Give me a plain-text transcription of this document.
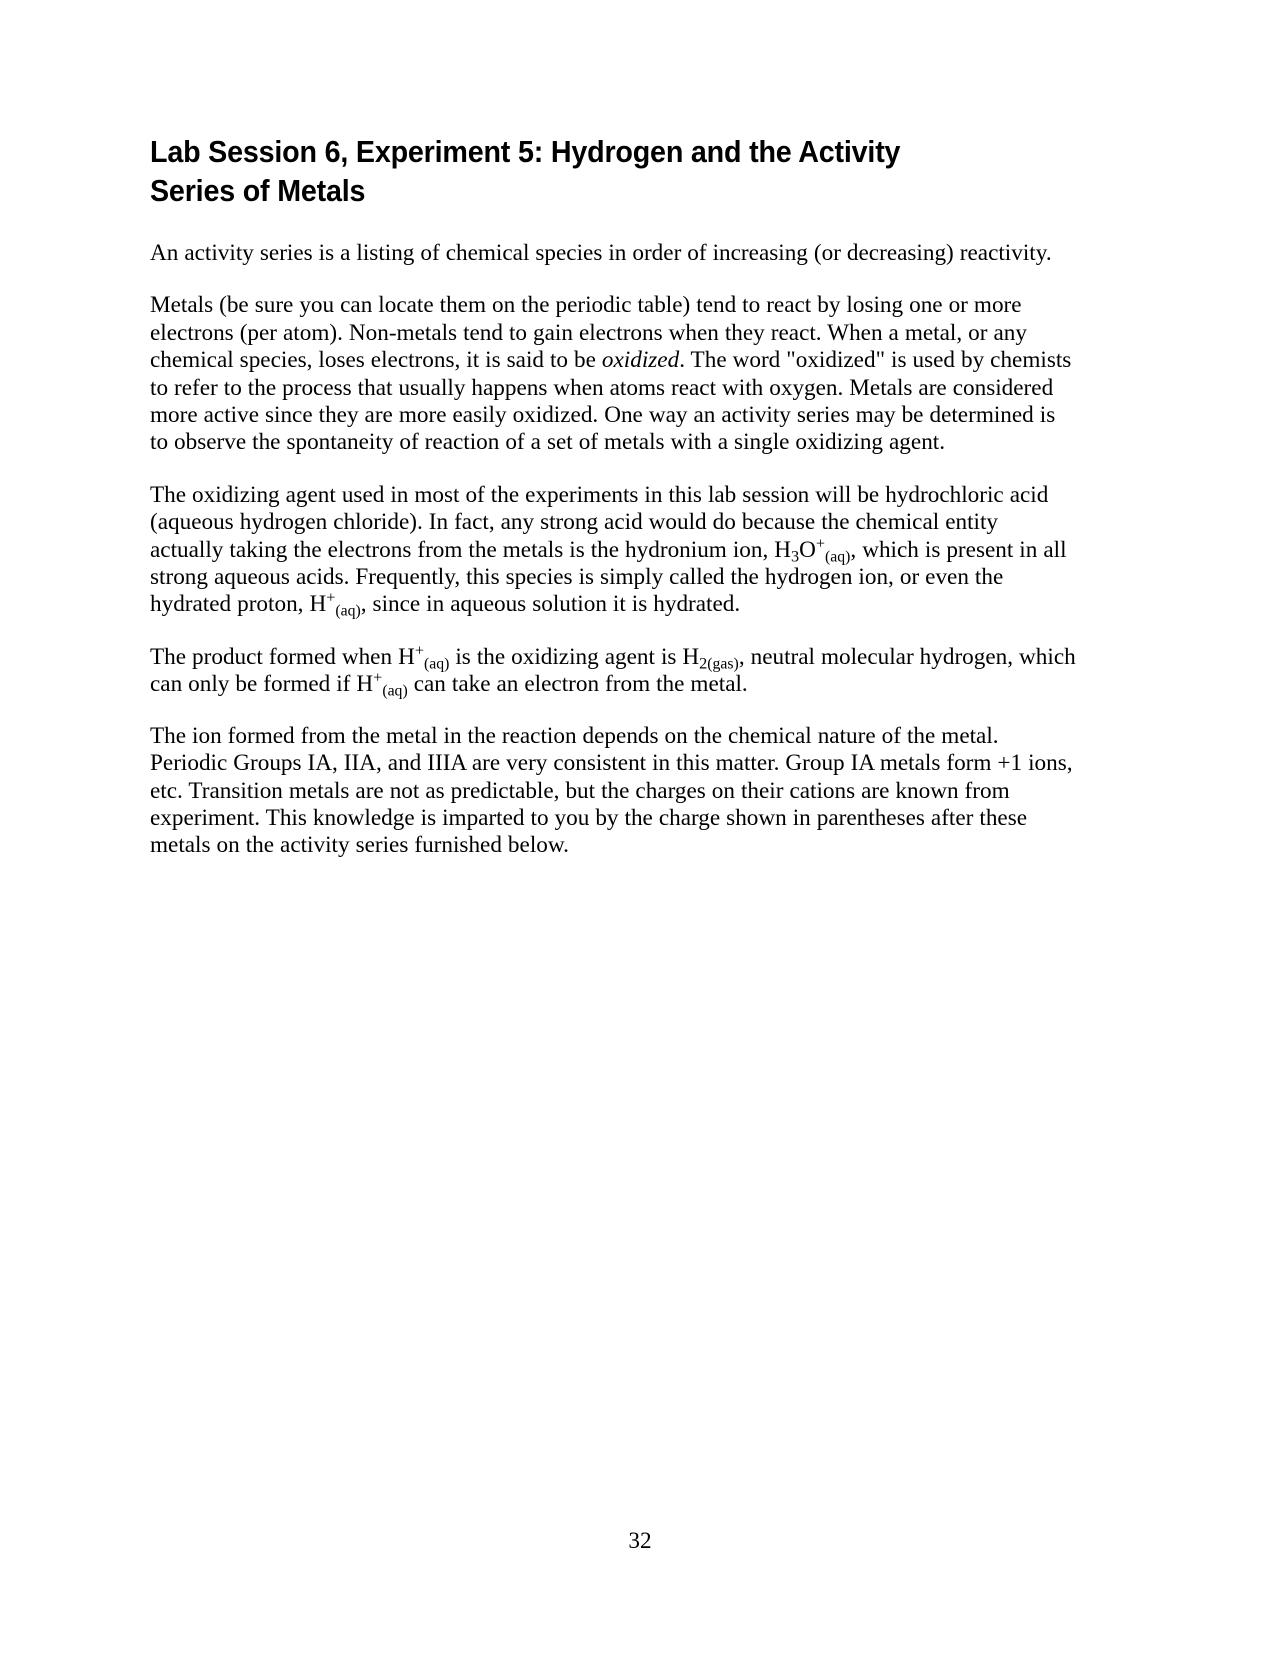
Lab Session 6, Experiment 5: Hydrogen and the Activity
Series of Metals

An activity series is a listing of chemical species in order of increasing (or decreasing) reactivity.

Metals (be sure you can locate them on the periodic table) tend to react by losing one or more electrons (per atom). Non-metals tend to gain electrons when they react. When a metal, or any chemical species, loses electrons, it is said to be oxidized. The word "oxidized" is used by chemists to refer to the process that usually happens when atoms react with oxygen. Metals are considered more active since they are more easily oxidized. One way an activity series may be determined is to observe the spontaneity of reaction of a set of metals with a single oxidizing agent.

The oxidizing agent used in most of the experiments in this lab session will be hydrochloric acid (aqueous hydrogen chloride). In fact, any strong acid would do because the chemical entity actually taking the electrons from the metals is the hydronium ion, $H_3O^+_{(aq)}$, which is present in all strong aqueous acids. Frequently, this species is simply called the hydrogen ion, or even the hydrated proton, $H^+_{(aq)}$, since in aqueous solution it is hydrated.

The product formed when $H^+_{(aq)}$ is the oxidizing agent is $H_{2(gas)}$, neutral molecular hydrogen, which can only be formed if $H^+_{(aq)}$ can take an electron from the metal.

The ion formed from the metal in the reaction depends on the chemical nature of the metal. Periodic Groups IA, IIA, and IIIA are very consistent in this matter. Group IA metals form +1 ions, etc. Transition metals are not as predictable, but the charges on their cations are known from experiment. This knowledge is imparted to you by the charge shown in parentheses after these metals on the activity series furnished below.

32
